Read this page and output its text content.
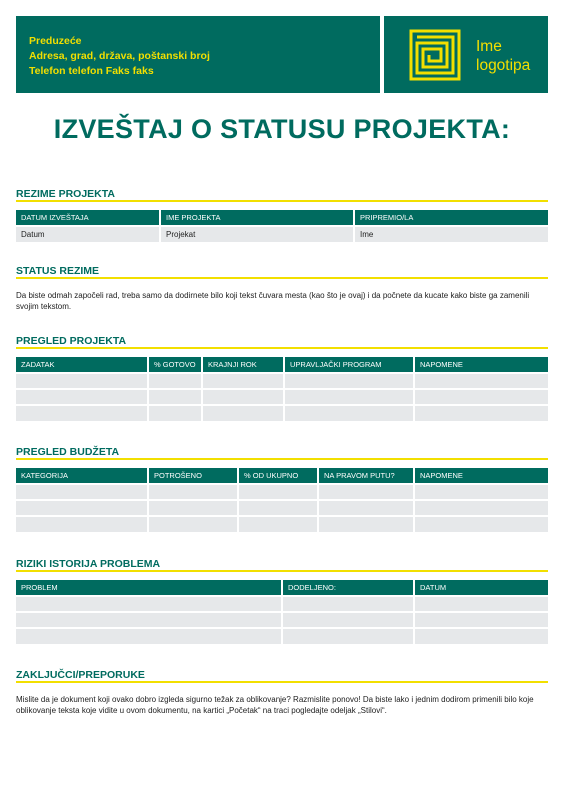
Preduzeće
Adresa, grad, država, poštanski broj
Telefon telefon Faks faks
Ime
logotipa
IZVEŠTAJ O STATUSU PROJEKTA:
REZIME PROJEKTA
DATUM IZVEŠTAJA	IME PROJEKTA	PRIPREMIO/LA
Datum	Projekat	Ime
STATUS REZIME
Da biste odmah započeli rad, treba samo da dodirnete bilo koji tekst čuvara mesta (kao što je ovaj) i da počnete da kucate kako biste ga zamenili svojim tekstom.
PREGLED PROJEKTA
ZADATAK	% GOTOVO	KRAJNJI ROK	UPRAVLJAČKI PROGRAM	NAPOMENE

PREGLED BUDŽETA
KATEGORIJA	POTROŠENO	% OD UKUPNO	NA PRAVOM PUTU?	NAPOMENE

RIZIKI ISTORIJA PROBLEMA
PROBLEM	DODELJENO:	DATUM

ZAKLJUČCI/PREPORUKE
Mislite da je dokument koji ovako dobro izgleda sigurno težak za oblikovanje? Razmislite ponovo! Da biste lako i jednim dodirom primenili bilo koje oblikovanje teksta koje vidite u ovom dokumentu, na kartici „Početak“ na traci pogledajte odeljak „Stilovi“.
